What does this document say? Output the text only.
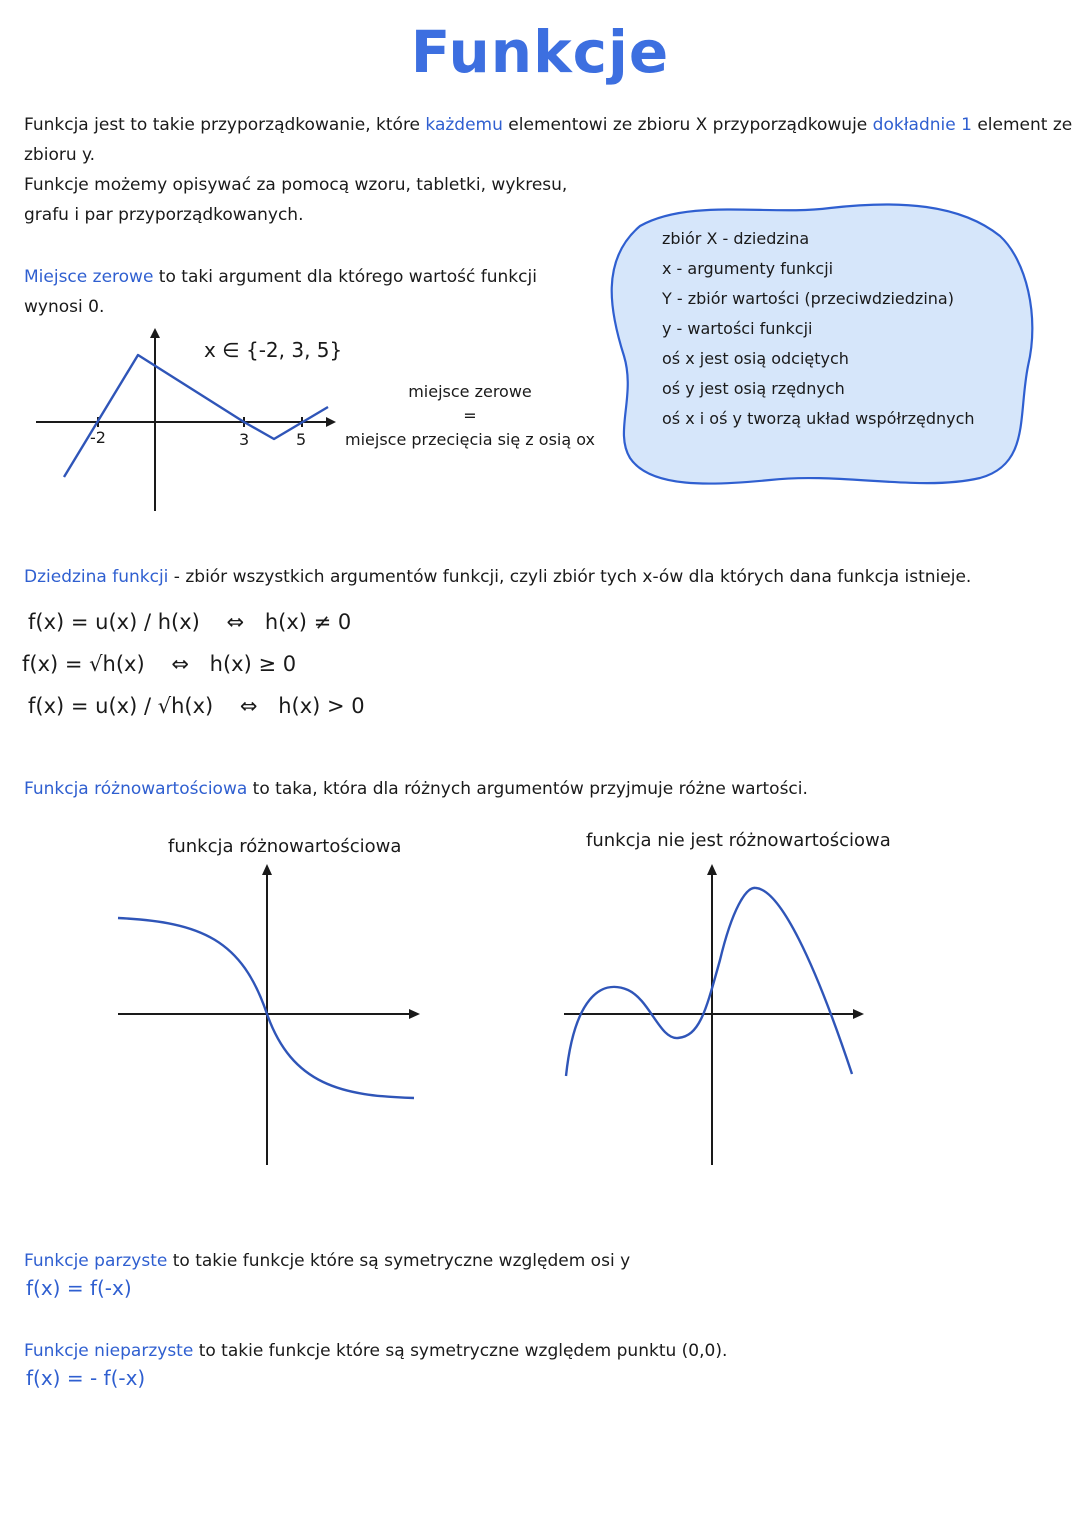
Funkcje
Funkcja jest to takie przyporządkowanie, które każdemu elementowi ze zbioru X przyporządkowuje dokładnie 1 element ze
zbioru y.
Funkcje możemy opisywać za pomocą wzoru, tabletki, wykresu,
grafu i par przyporządkowanych.
Miejsce zerowe to taki argument dla którego wartość funkcji
wynosi 0.
-2	3	5
x ∈ {-2, 3, 5}
miejsce zerowe
=
miejsce przecięcia się z osią ox
zbiór X - dziedzina
x - argumenty funkcji
Y - zbiór wartości (przeciwdziedzina)
y - wartości funkcji
oś x jest osią odciętych
oś y jest osią rzędnych
oś x i oś y tworzą układ współrzędnych
Dziedzina funkcji - zbiór wszystkich argumentów funkcji, czyli zbiór tych x-ów dla których dana funkcja istnieje.
f(x) = u(x) / h(x) ⇔ h(x) ≠ 0
f(x) = √h(x) ⇔ h(x) ≥ 0
f(x) = u(x) / √h(x) ⇔ h(x) > 0
Funkcja różnowartościowa to taka, która dla różnych argumentów przyjmuje różne wartości.
funkcja różnowartościowa	funkcja nie jest różnowartościowa
Funkcje parzyste to takie funkcje które są symetryczne względem osi y
f(x) = f(-x)
Funkcje nieparzyste to takie funkcje które są symetryczne względem punktu (0,0).
f(x) = - f(-x)
